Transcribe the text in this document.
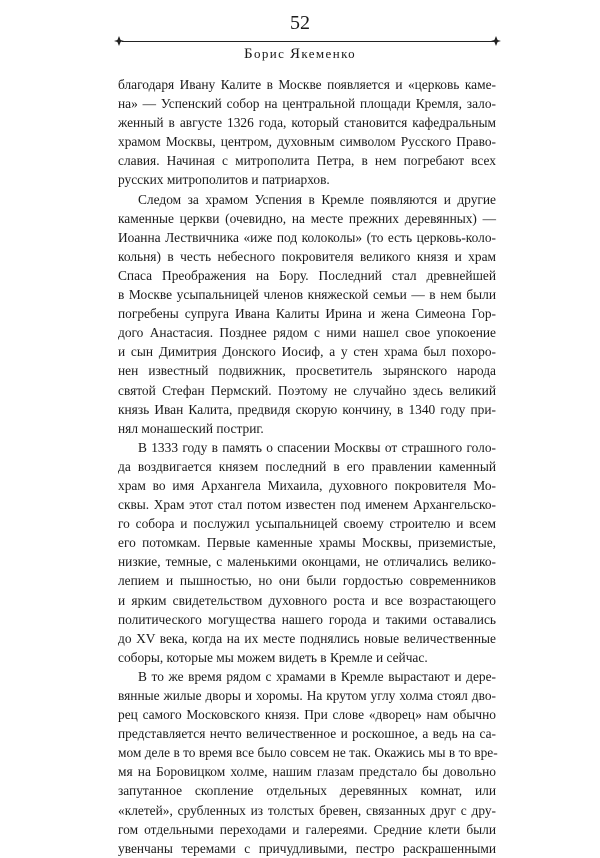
52
Борис Якеменко

благодаря Ивану Калите в Москве появляется и «церковь каме-
на» — Успенский собор на центральной площади Кремля, зало-
женный в августе 1326 года, который становится кафедральным
храмом Москвы, центром, духовным символом Русского Право-
славия. Начиная с митрополита Петра, в нем погребают всех
русских митрополитов и патриархов.

Следом за храмом Успения в Кремле появляются и другие
каменные церкви (очевидно, на месте прежних деревянных) —
Иоанна Лествичника «иже под колоколы» (то есть церковь-коло-
кольня) в честь небесного покровителя великого князя и храм
Спаса Преображения на Бору. Последний стал древнейшей
в Москве усыпальницей членов княжеской семьи — в нем были
погребены супруга Ивана Калиты Ирина и жена Симеона Гор-
дого Анастасия. Позднее рядом с ними нашел свое упокоение
и сын Димитрия Донского Иосиф, а у стен храма был похоро-
нен известный подвижник, просветитель зырянского народа
святой Стефан Пермский. Поэтому не случайно здесь великий
князь Иван Калита, предвидя скорую кончину, в 1340 году при-
нял монашеский постриг.

В 1333 году в память о спасении Москвы от страшного голо-
да воздвигается князем последний в его правлении каменный
храм во имя Архангела Михаила, духовного покровителя Мо-
сквы. Храм этот стал потом известен под именем Архангельско-
го собора и послужил усыпальницей своему строителю и всем
его потомкам. Первые каменные храмы Москвы, приземистые,
низкие, темные, с маленькими оконцами, не отличались велико-
лепием и пышностью, но они были гордостью современников
и ярким свидетельством духовного роста и все возрастающего
политического могущества нашего города и такими оставались
до XV века, когда на их месте поднялись новые величественные
соборы, которые мы можем видеть в Кремле и сейчас.

В то же время рядом с храмами в Кремле вырастают и дере-
вянные жилые дворы и хоромы. На крутом углу холма стоял дво-
рец самого Московского князя. При слове «дворец» нам обычно
представляется нечто величественное и роскошное, а ведь на са-
мом деле в то время все было совсем не так. Окажись мы в то вре-
мя на Боровицком холме, нашим глазам предстало бы довольно
запутанное скопление отдельных деревянных комнат, или
«клетей», срубленных из толстых бревен, связанных друг с дру-
гом отдельными переходами и галереями. Средние клети были
увенчаны теремами с причудливыми, пестро раскрашенными
